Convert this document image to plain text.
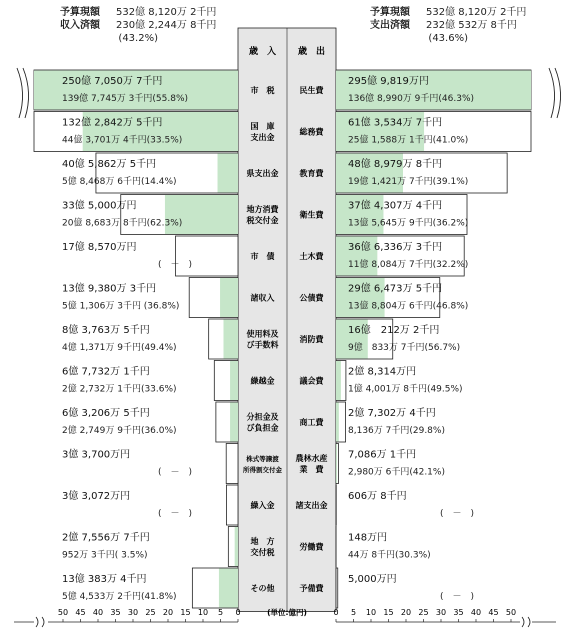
予算現額 532億 8,120万 2千円
収入済額 230億 2,244万 8千円
(43.2%)
予算現額 532億 8,120万 2千円
支出済額 232億 532万 8千円
(43.6%)
歳　入 歳　出
市　税
250億 7,050万 7千円
139億 7,745万 3千円(55.8%)
国　庫
支出金
132億 2,842万 5千円
44億 3,701万 4千円(33.5%)
県支出金
40億 5,862万 5千円
5億 8,468万 6千円(14.4%)
地方消費
税交付金
33億 5,000万円
20億 8,683万 8千円(62.3%)
市　債
17億 8,570万円
(　－　)
諸収入
13億 9,380万 3千円
5億 1,306万 3千円 (36.8%)
使用料及
び手数料
8億 3,763万 5千円
4億 1,371万 9千円(49.4%)
繰越金
6億 7,732万 1千円
2億 2,732万 1千円(33.6%)
分担金及
び負担金
6億 3,206万 5千円
2億 2,749万 9千円(36.0%)
株式等譲渡
所得割交付金
3億 3,700万円
(　－　)
繰入金
3億 3,072万円
(　－　)
地　方
交付税
2億 7,556万 7千円
952万 3千円( 3.5%)
その他
13億 383万 4千円
5億 4,533万 2千円(41.8%)
民生費
295億 9,819万円
136億 8,990万 9千円(46.3%)
総務費
61億 3,534万 7千円
25億 1,588万 1千円(41.0%)
教育費
48億 8,979万 8千円
19億 1,421万 7千円(39.1%)
衛生費
37億 4,307万 4千円
13億 5,645万 9千円(36.2%)
土木費
36億 6,336万 3千円
11億 8,084万 7千円(32.2%)
公債費
29億 6,473万 5千円
13億 8,804万 6千円(46.8%)
消防費
16億　212万 2千円
9億　833万 7千円(56.7%)
議会費
2億 8,314万円
1億 4,001万 8千円(49.5%)
商工費
2億 7,302万 4千円
8,136万 7千円(29.8%)
農林水産
業　費
7,086万 1千円
2,980万 6千円(42.1%)
諸支出金
606万 8千円
(　－　)
労働費
148万円
44万 8千円(30.3%)
予備費
5,000万円
(　－　)
50 45 40 35 30 25 20 15 10 5 0	0 5 10 15 20 25 30 35 40 45 50
(単位:億円)
